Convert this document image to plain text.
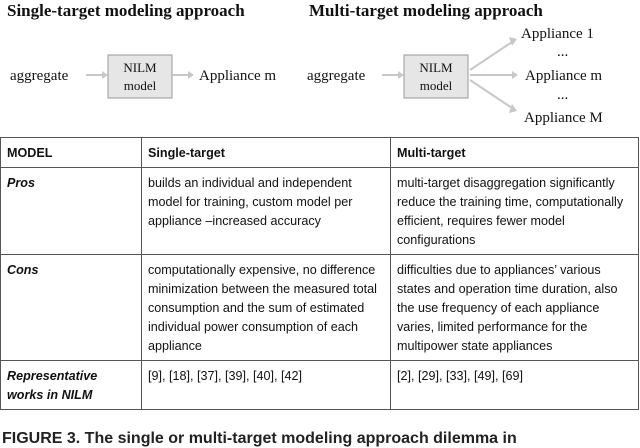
Single-target modeling approach	Multi-target modeling approach
aggregate
NILM
model
Appliance m aggregate
NILM
model
Appliance 1
...
Appliance m
...
Appliance M
MODEL	Single-target	Multi-target
Pros	builds an individual and independent model for training, custom model per appliance –increased accuracy	multi-target disaggregation significantly reduce the training time, computationally efficient, requires fewer model configurations
Cons	computationally expensive, no difference minimization between the measured total consumption and the sum of estimated individual power consumption of each appliance	difficulties due to appliances’ various states and operation time duration, also the use frequency of each appliance varies, limited performance for the multipower state appliances
Representative works in NILM	[9], [18], [37], [39], [40], [42]	[2], [29], [33], [49], [69]
FIGURE 3. The single or multi-target modeling approach dilemma in
